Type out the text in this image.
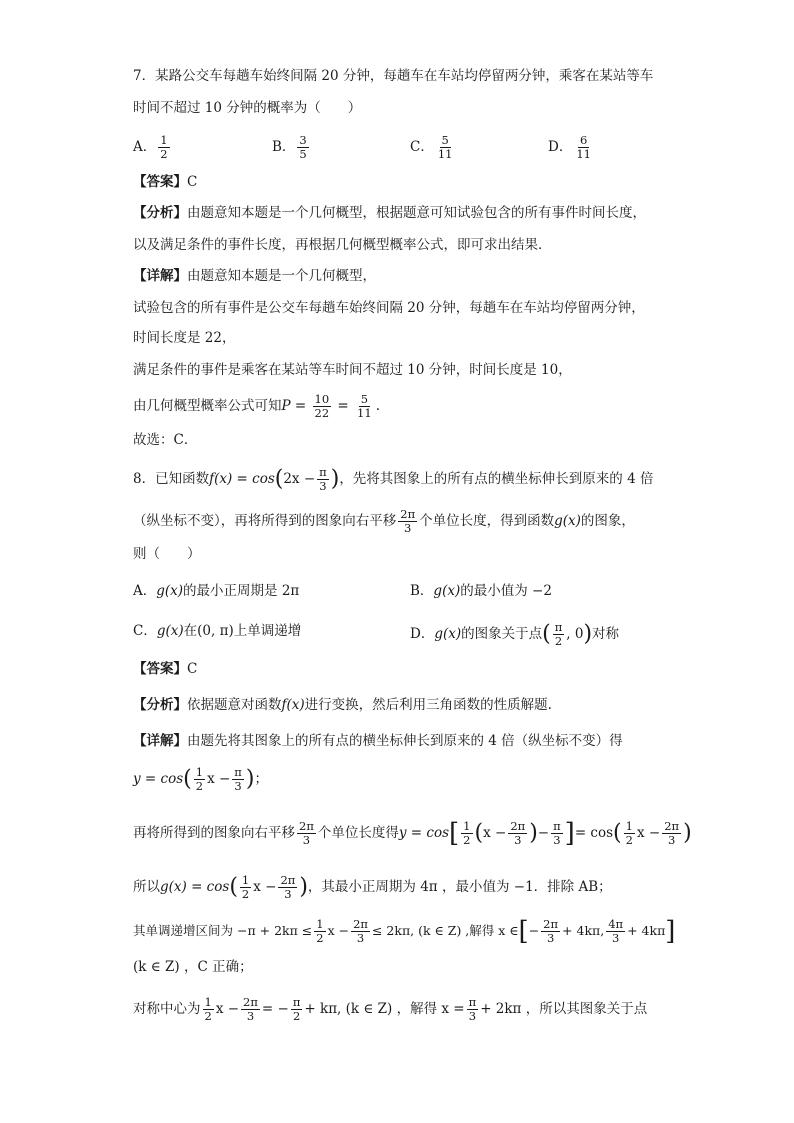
7．某路公交车每趟车始终间隔 20 分钟，每趟车在车站均停留两分钟，乘客在某站等车
时间不超过 10 分钟的概率为（　　）
A． $\frac{1}{2}$	B． $\frac{3}{5}$	C． $\frac{5}{11}$	D． $\frac{6}{11}$
【答案】C
【分析】由题意知本题是一个几何概型，根据题意可知试验包含的所有事件时间长度，
以及满足条件的事件长度，再根据几何概型概率公式，即可求出结果．
【详解】由题意知本题是一个几何概型，
试验包含的所有事件是公交车每趟车始终间隔 20 分钟，每趟车在车站均停留两分钟，
时间长度是 22，
满足条件的事件是乘客在某站等车时间不超过 10 分钟，时间长度是 10，
由几何概型概率公式可知$P = \frac{10}{22} = \frac{5}{11}$ .
故选：C．
8．已知函数$f(x) = \cos(2x - \frac{\pi}{3}$ )，先将其图象上的所有点的横坐标伸长到原来的 4 倍
（纵坐标不变），再将所得到的图象向右平移 $\frac{2\pi}{3}$ 个单位长度，得到函数g(x)的图象，
则（　　）
A．g(x)的最小正周期是 2π	B．g(x)的最小值为 −2
C．g(x)在(0, π)上单调递增	D．g(x)的图象关于点( $\frac{\pi}{2}$ , 0)对称
【答案】C
【分析】依据题意对函数f(x)进行变换，然后利用三角函数的性质解题.
【详解】由题先将其图象上的所有点的横坐标伸长到原来的 4 倍（纵坐标不变）得
$y = \cos( \frac{1}{2}$ $x - \frac{\pi}{3}$ )；
再将所得到的图象向右平移 $\frac{2\pi}{3}$ 个单位长度得$y = \cos[ \frac{1}{2} (x - \frac{2\pi}{3}$ )− $\frac{\pi}{3}$ ]= $\cos( \frac{1}{2}$ $x - \frac{2\pi}{3}$ )
所以$g(x) = \cos( \frac{1}{2}$ $x - \frac{2\pi}{3}$ )，其最小正周期为 4π ，最小值为 −1．排除 AB；
其单调递增区间为 $-\pi + 2k\pi \le \frac{1}{2}$ $x - \frac{2\pi}{3} \le 2k\pi$, (k ∈ Z) ,解得 x ∈[− $\frac{2\pi}{3} + 4k\pi$, $\frac{4\pi}{3} + 4k\pi$]
(k ∈ Z) ，C 正确；
对称中心为 $\frac{1}{2}$ $x - \frac{2\pi}{3}$ = − $\frac{\pi}{2} + k\pi$, (k ∈ Z) ，解得 $x = \frac{\pi}{3} + 2k\pi$ ，所以其图象关于点
